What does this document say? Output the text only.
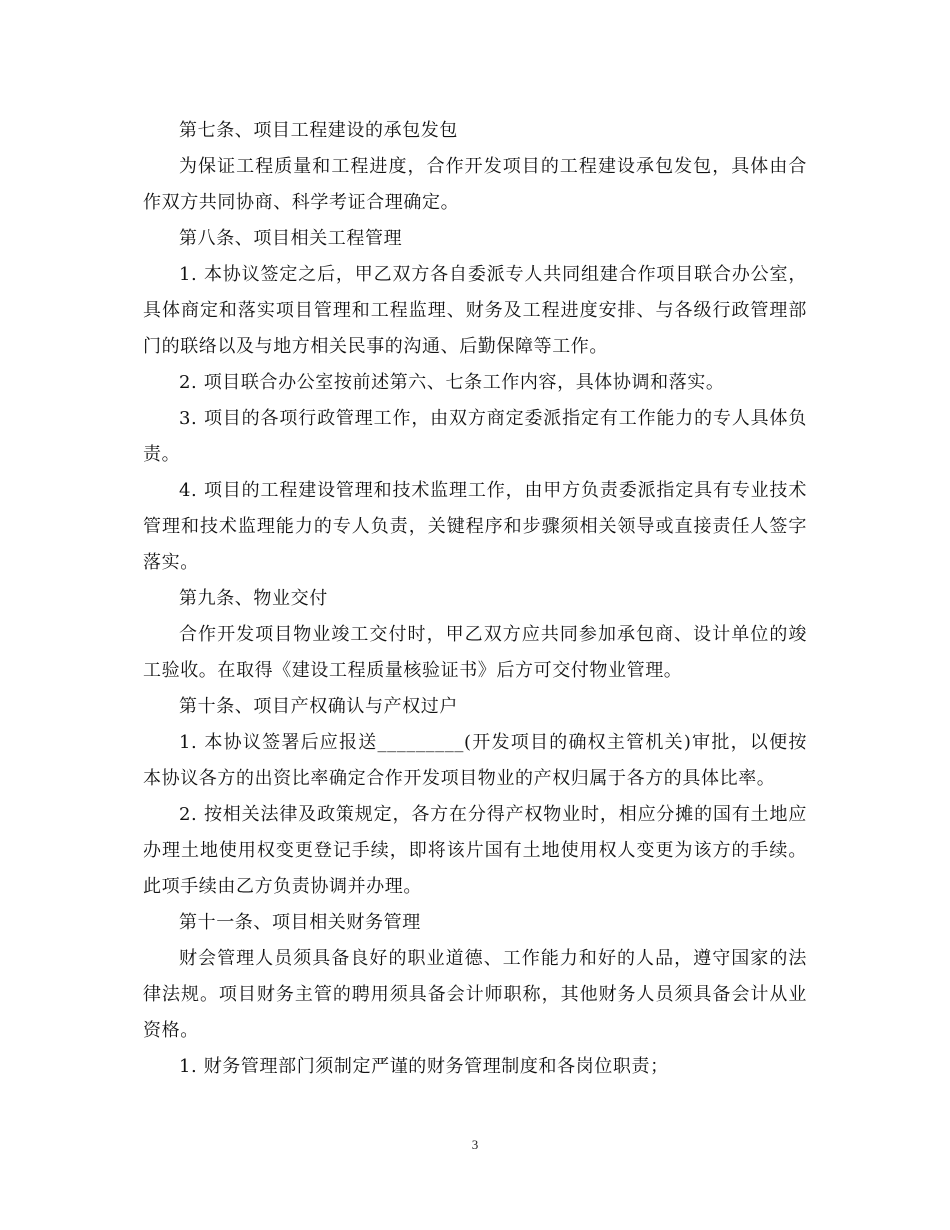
第七条、项目工程建设的承包发包

为保证工程质量和工程进度，合作开发项目的工程建设承包发包，具体由合作双方共同协商、科学考证合理确定。

第八条、项目相关工程管理

1. 本协议签定之后，甲乙双方各自委派专人共同组建合作项目联合办公室，具体商定和落实项目管理和工程监理、财务及工程进度安排、与各级行政管理部门的联络以及与地方相关民事的沟通、后勤保障等工作。

2. 项目联合办公室按前述第六、七条工作内容，具体协调和落实。

3. 项目的各项行政管理工作，由双方商定委派指定有工作能力的专人具体负责。

4. 项目的工程建设管理和技术监理工作，由甲方负责委派指定具有专业技术管理和技术监理能力的专人负责，关键程序和步骤须相关领导或直接责任人签字落实。

第九条、物业交付

合作开发项目物业竣工交付时，甲乙双方应共同参加承包商、设计单位的竣工验收。在取得《建设工程质量核验证书》后方可交付物业管理。

第十条、项目产权确认与产权过户

1. 本协议签署后应报送_________(开发项目的确权主管机关)审批，以便按本协议各方的出资比率确定合作开发项目物业的产权归属于各方的具体比率。

2. 按相关法律及政策规定，各方在分得产权物业时，相应分摊的国有土地应办理土地使用权变更登记手续，即将该片国有土地使用权人变更为该方的手续。此项手续由乙方负责协调并办理。

第十一条、项目相关财务管理

财会管理人员须具备良好的职业道德、工作能力和好的人品，遵守国家的法律法规。项目财务主管的聘用须具备会计师职称，其他财务人员须具备会计从业资格。

1. 财务管理部门须制定严谨的财务管理制度和各岗位职责；

3
